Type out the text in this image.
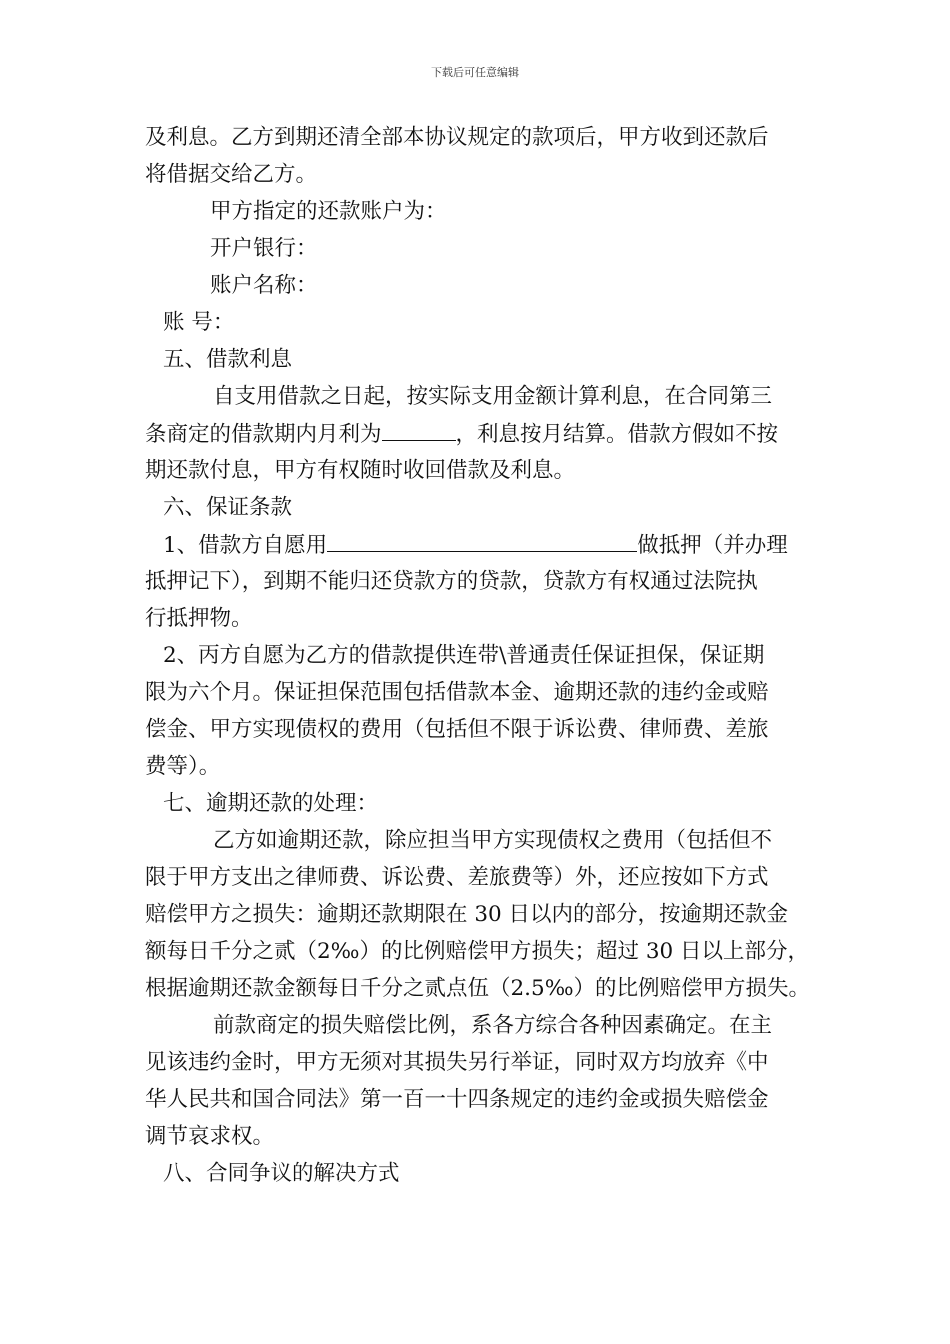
下载后可任意编辑
及利息。乙方到期还清全部本协议规定的款项后，甲方收到还款后
将借据交给乙方。
甲方指定的还款账户为：
开户银行：
账户名称：
账 号：
五、借款利息
自支用借款之日起，按实际支用金额计算利息，在合同第三
条商定的借款期内月利为	，利息按月结算。借款方假如不按
期还款付息，甲方有权随时收回借款及利息。
六、保证条款
1、借款方自愿用	做抵押（并办理
抵押记下），到期不能归还贷款方的贷款，贷款方有权通过法院执
行抵押物。
2、丙方自愿为乙方的借款提供连带\普通责任保证担保，保证期
限为六个月。保证担保范围包括借款本金、逾期还款的违约金或赔
偿金、甲方实现债权的费用（包括但不限于诉讼费、律师费、差旅
费等）。
七、逾期还款的处理：
乙方如逾期还款，除应担当甲方实现债权之费用（包括但不
限于甲方支出之律师费、诉讼费、差旅费等）外，还应按如下方式
赔偿甲方之损失：逾期还款期限在 30 日以内的部分，按逾期还款金
额每日千分之贰（2‰）的比例赔偿甲方损失；超过 30 日以上部分，
根据逾期还款金额每日千分之贰点伍（2.5‰）的比例赔偿甲方损失。
前款商定的损失赔偿比例，系各方综合各种因素确定。在主
见该违约金时，甲方无须对其损失另行举证，同时双方均放弃《中
华人民共和国合同法》第一百一十四条规定的违约金或损失赔偿金
调节哀求权。
八、合同争议的解决方式
